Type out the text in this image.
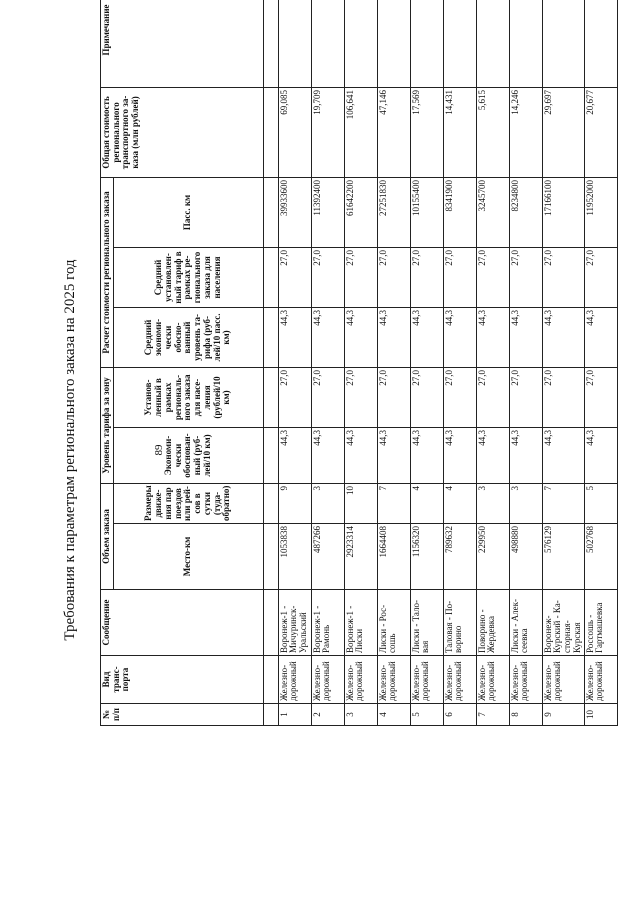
89
Требования к параметрам регионального заказа на 2025 год
№ п/п	Вид транс-порта	Сообщение	Объем заказа		Уровень тарифа за зону		Расчет стоимости регионального заказа			Общая стоимость регионального транспортного за-каза (млн рублей)	Примечание
			Место-км	Размеры движе-ния пар поездов или рей-сов в сутки (туда-обратно)	Экономи-чески обоснован-ный (руб-лей/10 км)	Установ-ленный в рамках региональ-ного заказа для насе-ления (рублей/10 км)	Средний экономи-чески обосно-ванный уровень та-рифа (руб-лей/10 пасс. км)	Средний установлен-ный тариф в рамках ре-гионального заказа для населения	Пасс. км		

1	Железно-дорожный	Воронеж-1 - Мичуринск-Уральский	1053838	9	44,3	27,0	44,3	27,0	39933600	69,085	
2	Железно-дорожный	Воронеж-1 - Рамонь	487266	3	44,3	27,0	44,3	27,0	11392400	19,709	
3	Железно-дорожный	Воронеж-1 - Лиски	2923314	10	44,3	27,0	44,3	27,0	61642200	106,641	
4	Железно-дорожный	Лиски - Рос-сошь	1664408	7	44,3	27,0	44,3	27,0	27251830	47,146	
5	Железно-дорожный	Лиски - Тало-вая	1156320	4	44,3	27,0	44,3	27,0	10155400	17,569	
6	Железно-дорожный	Таловая - По-ворино	789632	4	44,3	27,0	44,3	27,0	8341900	14,431	
7	Железно-дорожный	Поворино - Жердевка	229950	3	44,3	27,0	44,3	27,0	3245700	5,615	
8	Железно-дорожный	Лиски - Алек-сеевка	498880	3	44,3	27,0	44,3	27,0	8234800	14,246	
9	Железно-дорожный	Воронеж-Курский - Ка-сторная-Курская	576129	7	44,3	27,0	44,3	27,0	17166100	29,697	
10	Железно-дорожный	Россошь - Гартмашевка	502768	5	44,3	27,0	44,3	27,0	11952000	20,677	
